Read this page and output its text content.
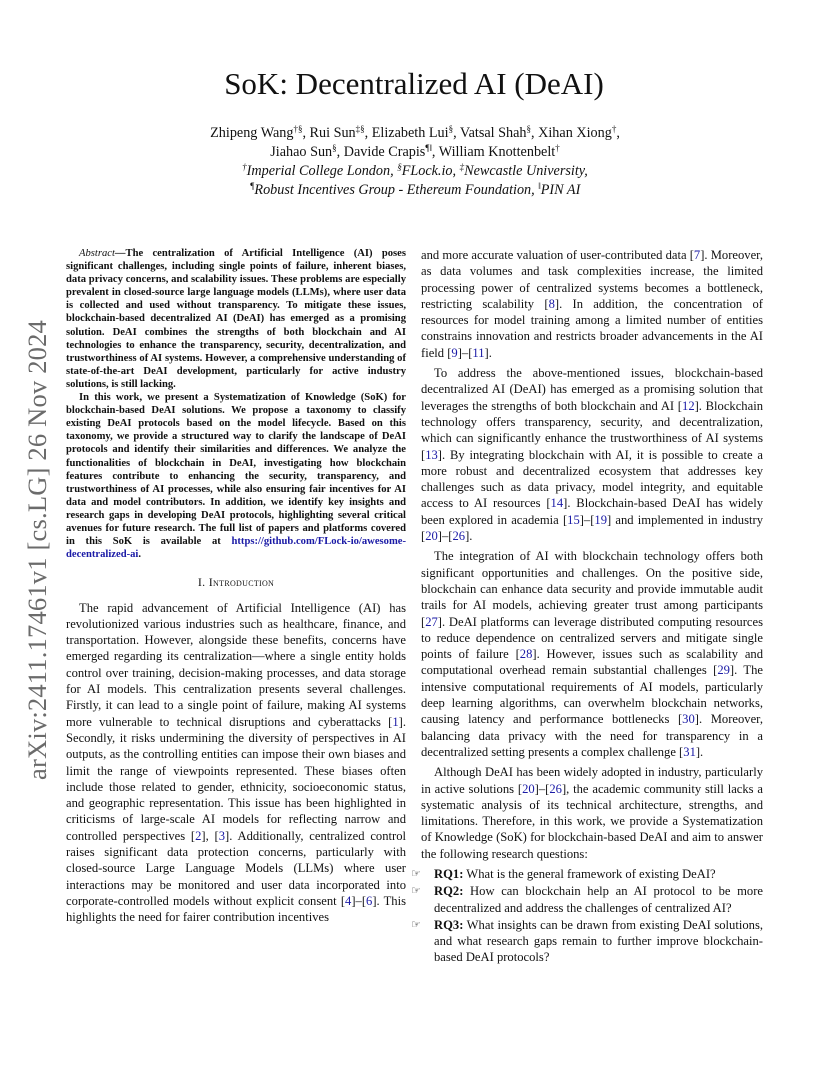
arXiv:2411.17461v1 [cs.LG] 26 Nov 2024
SoK: Decentralized AI (DeAI)
Zhipeng Wang†§, Rui Sun‡§, Elizabeth Lui§, Vatsal Shah§, Xihan Xiong†,
Jiahao Sun§, Davide Crapis¶‖, William Knottenbelt†
†Imperial College London, §FLock.io, ‡Newcastle University,
¶Robust Incentives Group - Ethereum Foundation, ‖PIN AI

Abstract—The centralization of Artificial Intelligence (AI) poses significant challenges, including single points of failure, inherent biases, data privacy concerns, and scalability issues. These problems are especially prevalent in closed-source large language models (LLMs), where user data is collected and used without transparency. To mitigate these issues, blockchain-based decentralized AI (DeAI) has emerged as a promising solution. DeAI combines the strengths of both blockchain and AI technologies to enhance the transparency, security, decentralization, and trustworthiness of AI systems. However, a comprehensive understanding of state-of-the-art DeAI development, particularly for active industry solutions, is still lacking.

In this work, we present a Systematization of Knowledge (SoK) for blockchain-based DeAI solutions. We propose a taxonomy to classify existing DeAI protocols based on the model lifecycle. Based on this taxonomy, we provide a structured way to clarify the landscape of DeAI protocols and identify their similarities and differences. We analyze the functionalities of blockchain in DeAI, investigating how blockchain features contribute to enhancing the security, transparency, and trustworthiness of AI processes, while also ensuring fair incentives for AI data and model contributors. In addition, we identify key insights and research gaps in developing DeAI protocols, highlighting several critical avenues for future research. The full list of papers and platforms covered in this SoK is available at https://github.com/FLock-io/awesome-decentralized-ai.

I. Introduction

The rapid advancement of Artificial Intelligence (AI) has revolutionized various industries such as healthcare, finance, and transportation. However, alongside these benefits, concerns have emerged regarding its centralization—where a single entity holds control over training, decision-making processes, and data storage for AI models. This centralization presents several challenges. Firstly, it can lead to a single point of failure, making AI systems more vulnerable to technical disruptions and cyberattacks [1]. Secondly, it risks undermining the diversity of perspectives in AI outputs, as the controlling entities can impose their own biases and limit the range of viewpoints represented. These biases often include those related to gender, ethnicity, socioeconomic status, and geographic representation. This issue has been highlighted in criticisms of large-scale AI models for reflecting narrow and controlled perspectives [2], [3]. Additionally, centralized control raises significant data protection concerns, particularly with closed-source Large Language Models (LLMs) where user interactions may be monitored and user data incorporated into corporate-controlled models without explicit consent [4]–[6]. This highlights the need for fairer contribution incentives

and more accurate valuation of user-contributed data [7]. Moreover, as data volumes and task complexities increase, the limited processing power of centralized systems becomes a bottleneck, restricting scalability [8]. In addition, the concentration of resources for model training among a limited number of entities constrains innovation and restricts broader advancements in the AI field [9]–[11].

To address the above-mentioned issues, blockchain-based decentralized AI (DeAI) has emerged as a promising solution that leverages the strengths of both blockchain and AI [12]. Blockchain technology offers transparency, security, and decentralization, which can significantly enhance the trustworthiness of AI systems [13]. By integrating blockchain with AI, it is possible to create a more robust and decentralized ecosystem that addresses key challenges such as data privacy, model integrity, and equitable access to AI resources [14]. Blockchain-based DeAI has widely been explored in academia [15]–[19] and implemented in industry [20]–[26].

The integration of AI with blockchain technology offers both significant opportunities and challenges. On the positive side, blockchain can enhance data security and provide immutable audit trails for AI models, achieving greater trust among participants [27]. DeAI platforms can leverage distributed computing resources to reduce dependence on centralized servers and mitigate single points of failure [28]. However, issues such as scalability and computational overhead remain substantial challenges [29]. The intensive computational requirements of AI models, particularly deep learning algorithms, can overwhelm blockchain networks, causing latency and performance bottlenecks [30]. Moreover, balancing data privacy with the need for transparency in a decentralized setting presents a complex challenge [31].

Although DeAI has been widely adopted in industry, particularly in active solutions [20]–[26], the academic community still lacks a systematic analysis of its technical architecture, strengths, and limitations. Therefore, in this work, we provide a Systematization of Knowledge (SoK) for blockchain-based DeAI and aim to answer the following research questions:

☞ RQ1: What is the general framework of existing DeAI?
☞ RQ2: How can blockchain help an AI protocol to be more decentralized and address the challenges of centralized AI?
☞ RQ3: What insights can be drawn from existing DeAI solutions, and what research gaps remain to further improve blockchain-based DeAI protocols?
